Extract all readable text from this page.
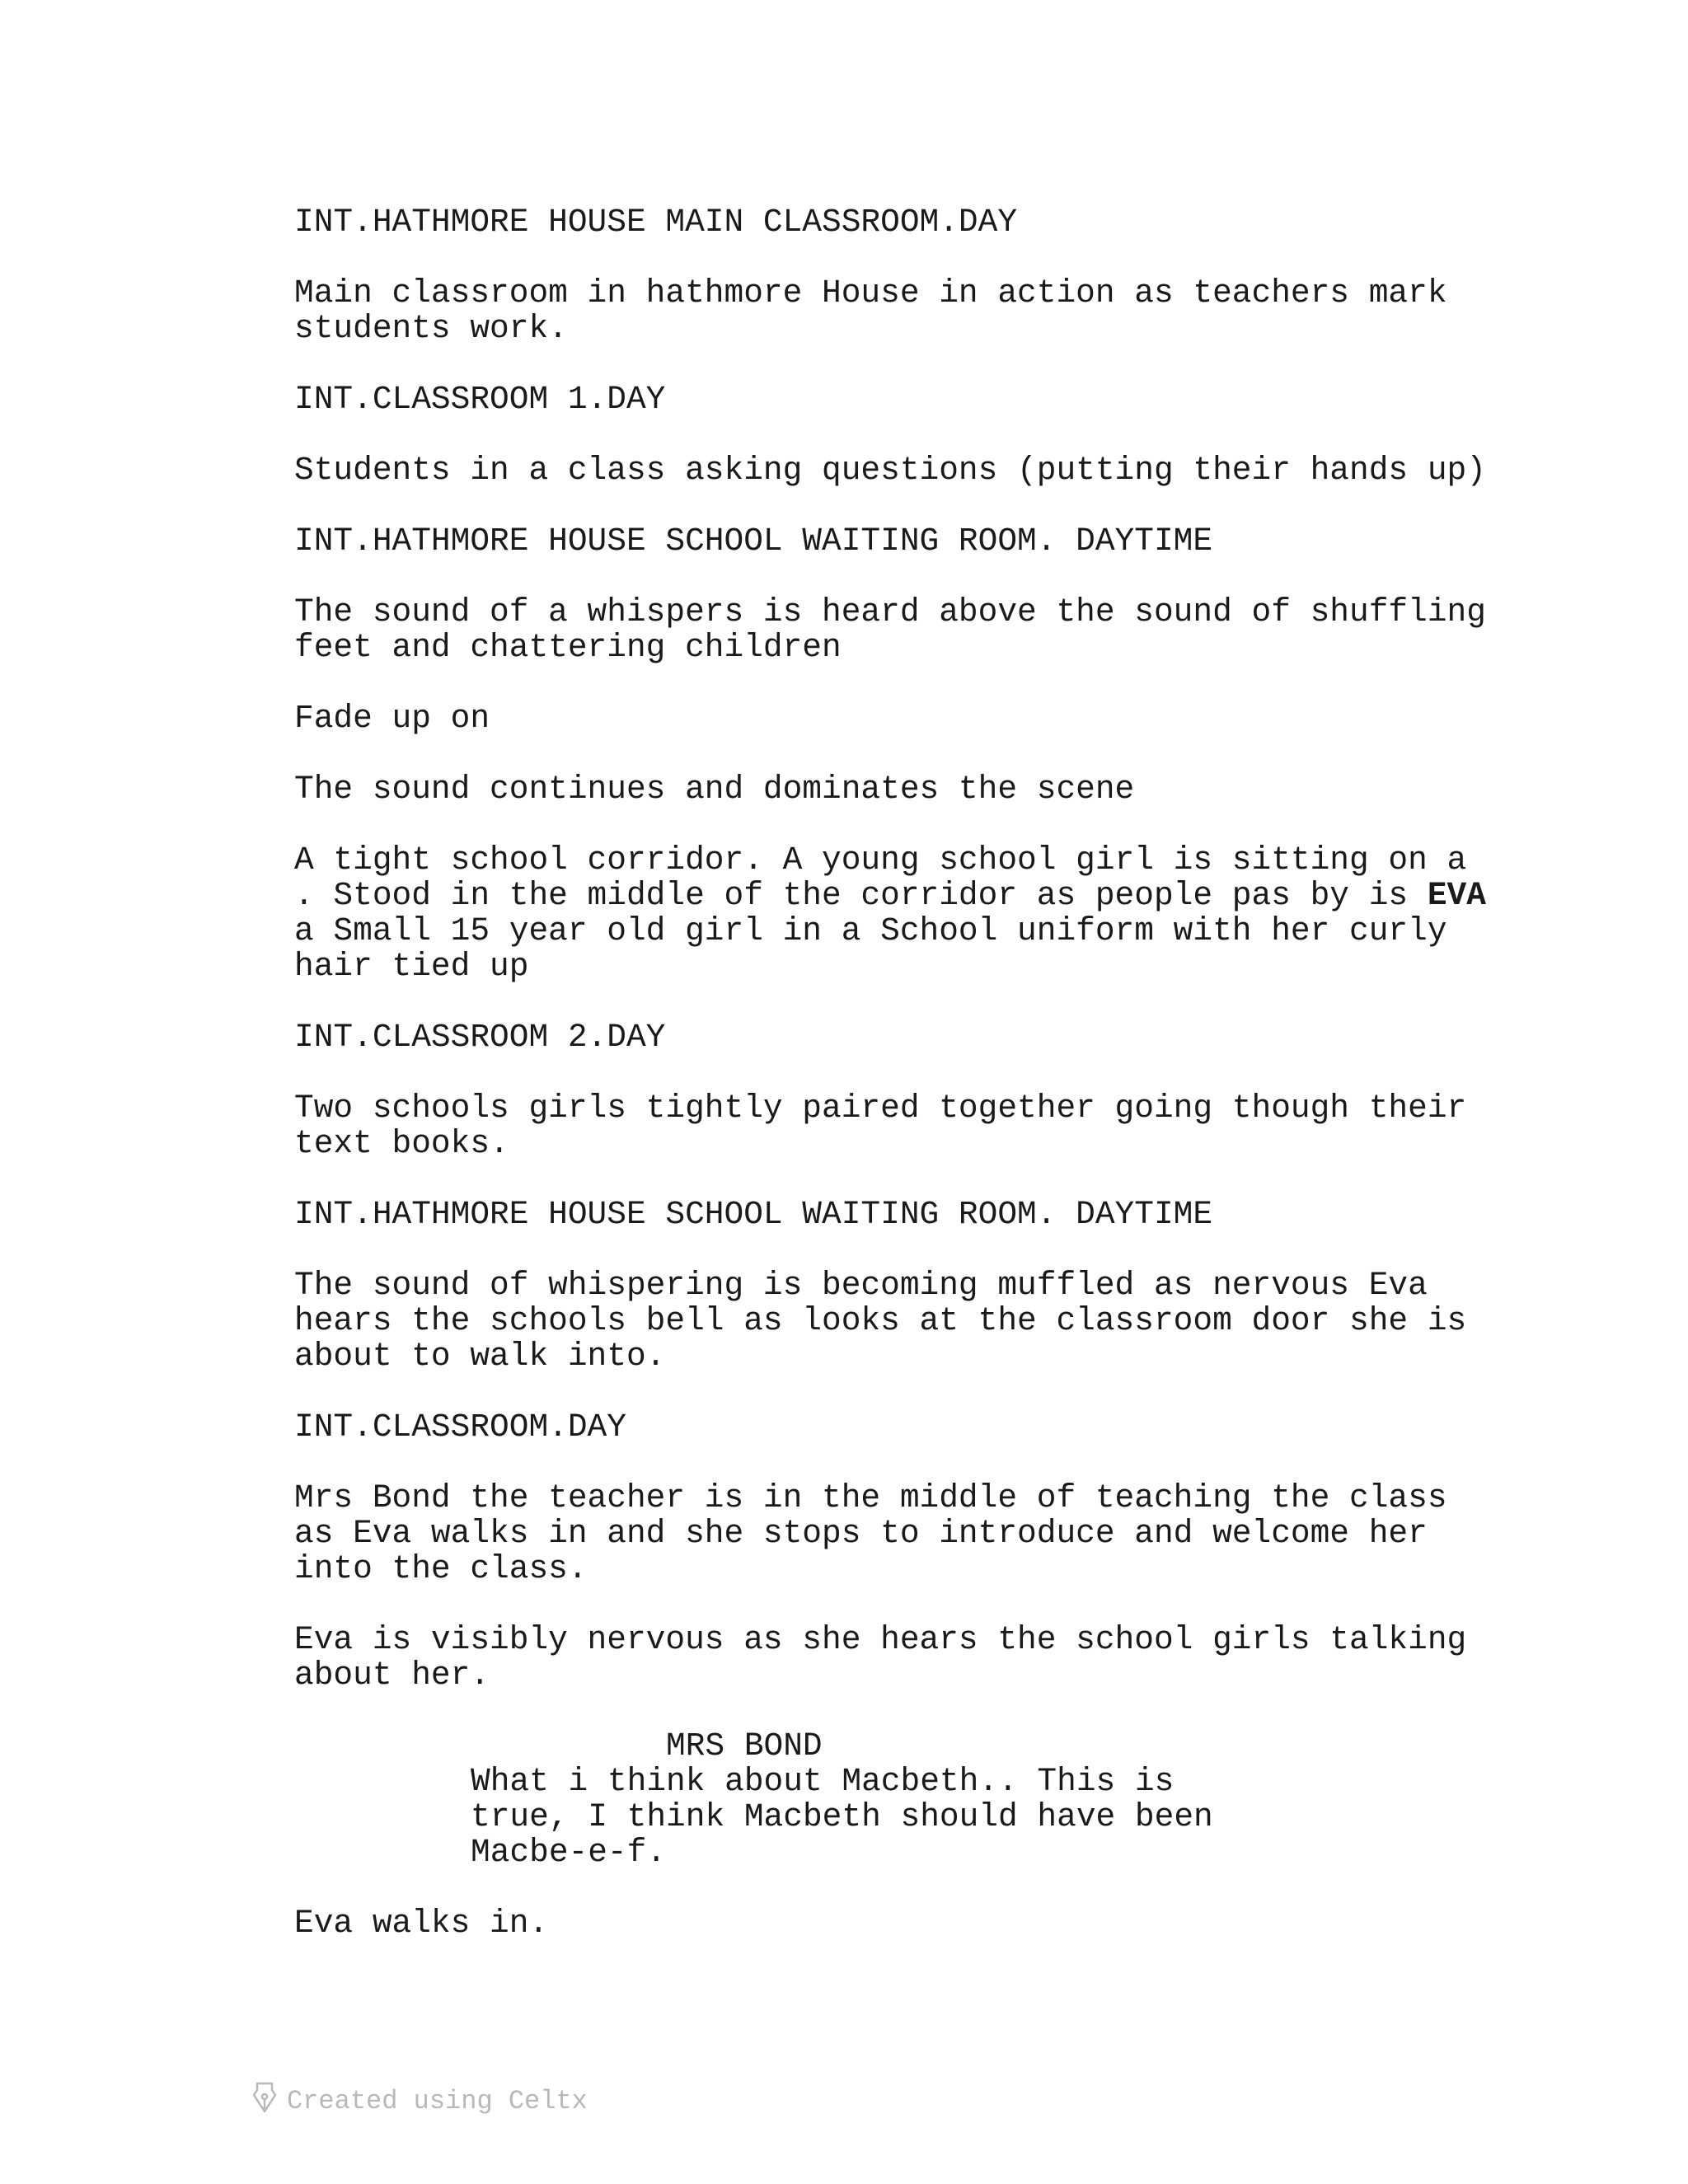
INT.HATHMORE HOUSE MAIN CLASSROOM.DAY

Main classroom in hathmore House in action as teachers mark

students work.

INT.CLASSROOM 1.DAY

Students in a class asking questions (putting their hands up)

INT.HATHMORE HOUSE SCHOOL WAITING ROOM. DAYTIME

The sound of a whispers is heard above the sound of shuffling

feet and chattering children

Fade up on

The sound continues and dominates the scene

A tight school corridor. A young school girl is sitting on a

. Stood in the middle of the corridor as people pas by is EVA

a Small 15 year old girl in a School uniform with her curly

hair tied up

INT.CLASSROOM 2.DAY

Two schools girls tightly paired together going though their

text books.

INT.HATHMORE HOUSE SCHOOL WAITING ROOM. DAYTIME

The sound of whispering is becoming muffled as nervous Eva

hears the schools bell as looks at the classroom door she is

about to walk into.

INT.CLASSROOM.DAY

Mrs Bond the teacher is in the middle of teaching the class

as Eva walks in and she stops to introduce and welcome her

into the class.

Eva is visibly nervous as she hears the school girls talking

about her.

MRS BOND

What i think about Macbeth.. This is

true, I think Macbeth should have been

Macbe-e-f.

Eva walks in.

Created using Celtx
